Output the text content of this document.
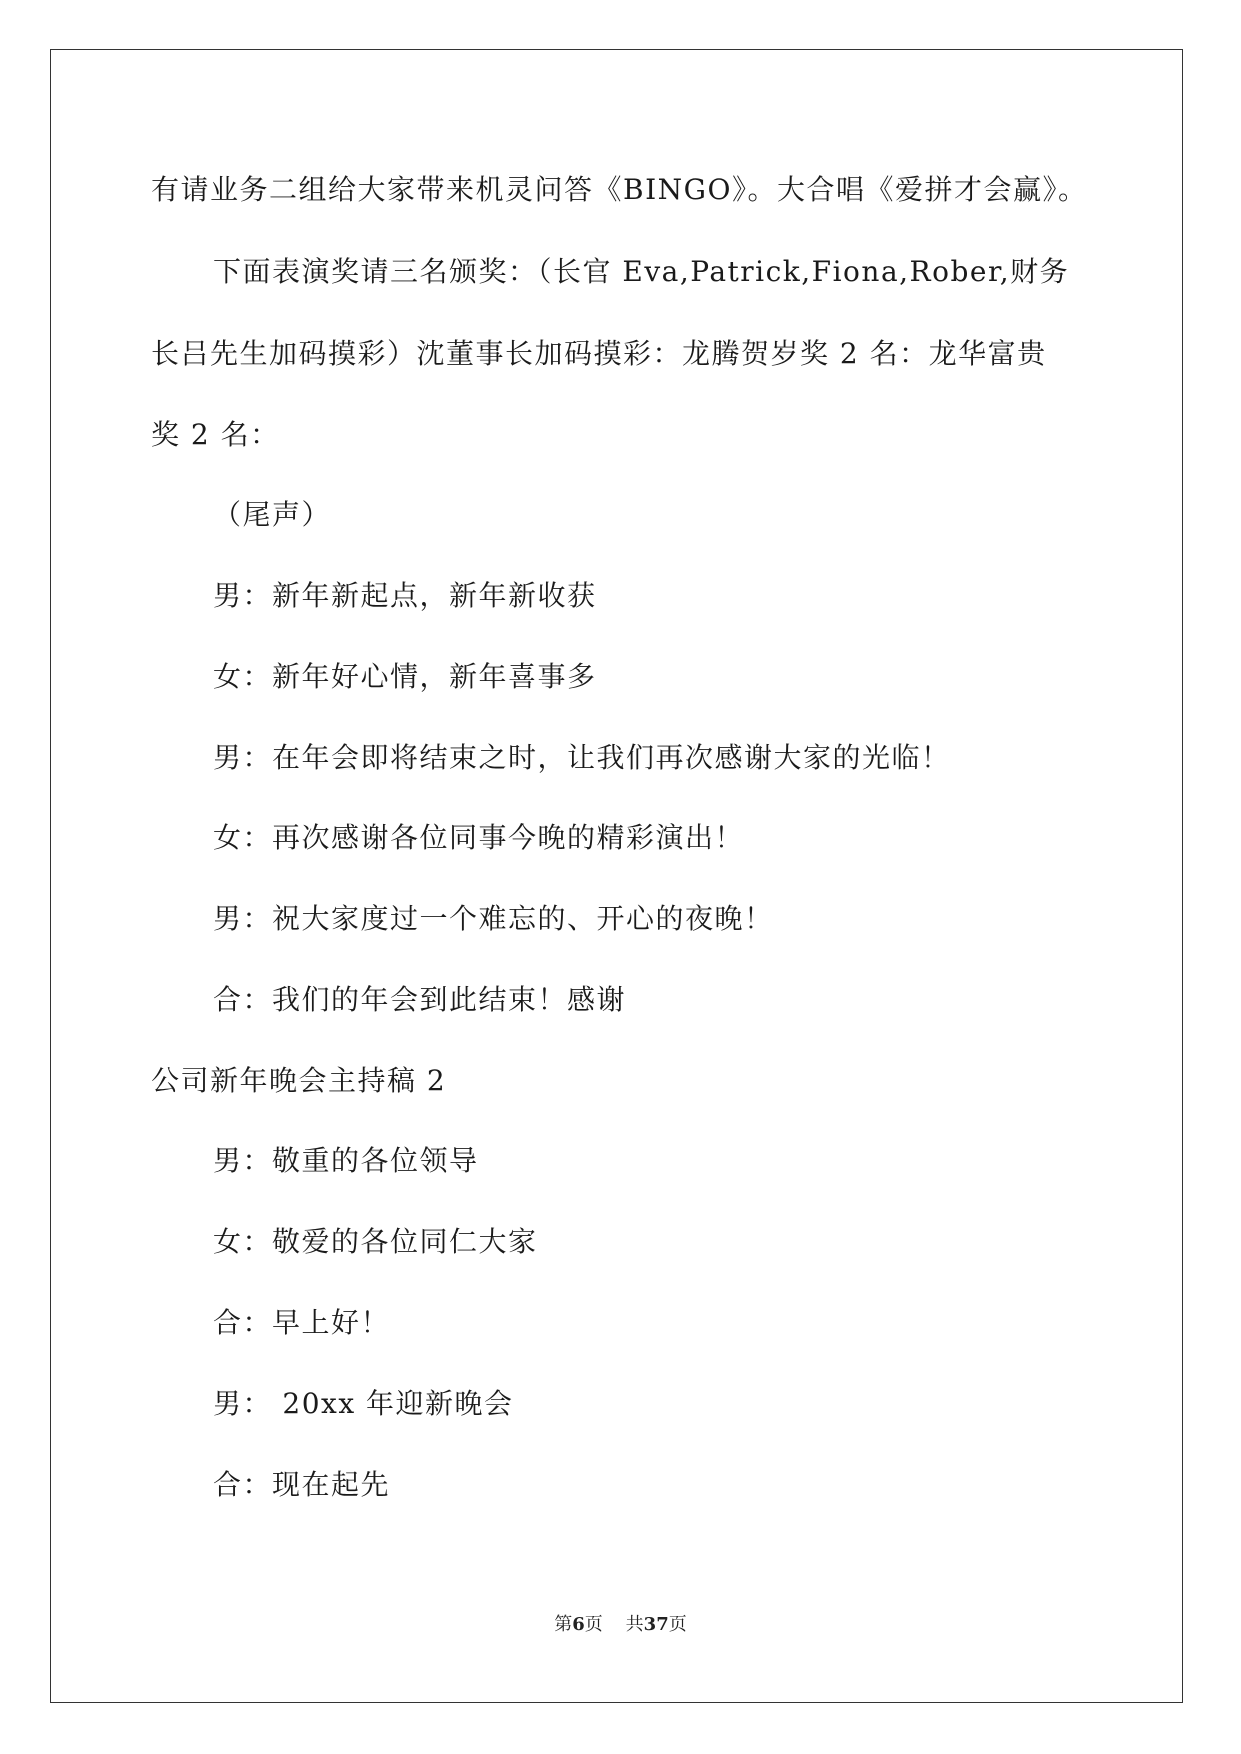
有请业务二组给大家带来机灵问答《BINGO》。大合唱《爱拼才会赢》。
下面表演奖请三名颁奖：（长官 Eva,Patrick,Fiona,Rober,财务
长吕先生加码摸彩）沈董事长加码摸彩：龙腾贺岁奖 2 名：龙华富贵
奖 2 名：
（尾声）
男：新年新起点，新年新收获
女：新年好心情，新年喜事多
男：在年会即将结束之时，让我们再次感谢大家的光临！
女：再次感谢各位同事今晚的精彩演出！
男：祝大家度过一个难忘的、开心的夜晚！
合：我们的年会到此结束！感谢
公司新年晚会主持稿 2
男：敬重的各位领导
女：敬爱的各位同仁大家
合：早上好！
男： 20xx 年迎新晚会
合：现在起先
第6页    共37页
